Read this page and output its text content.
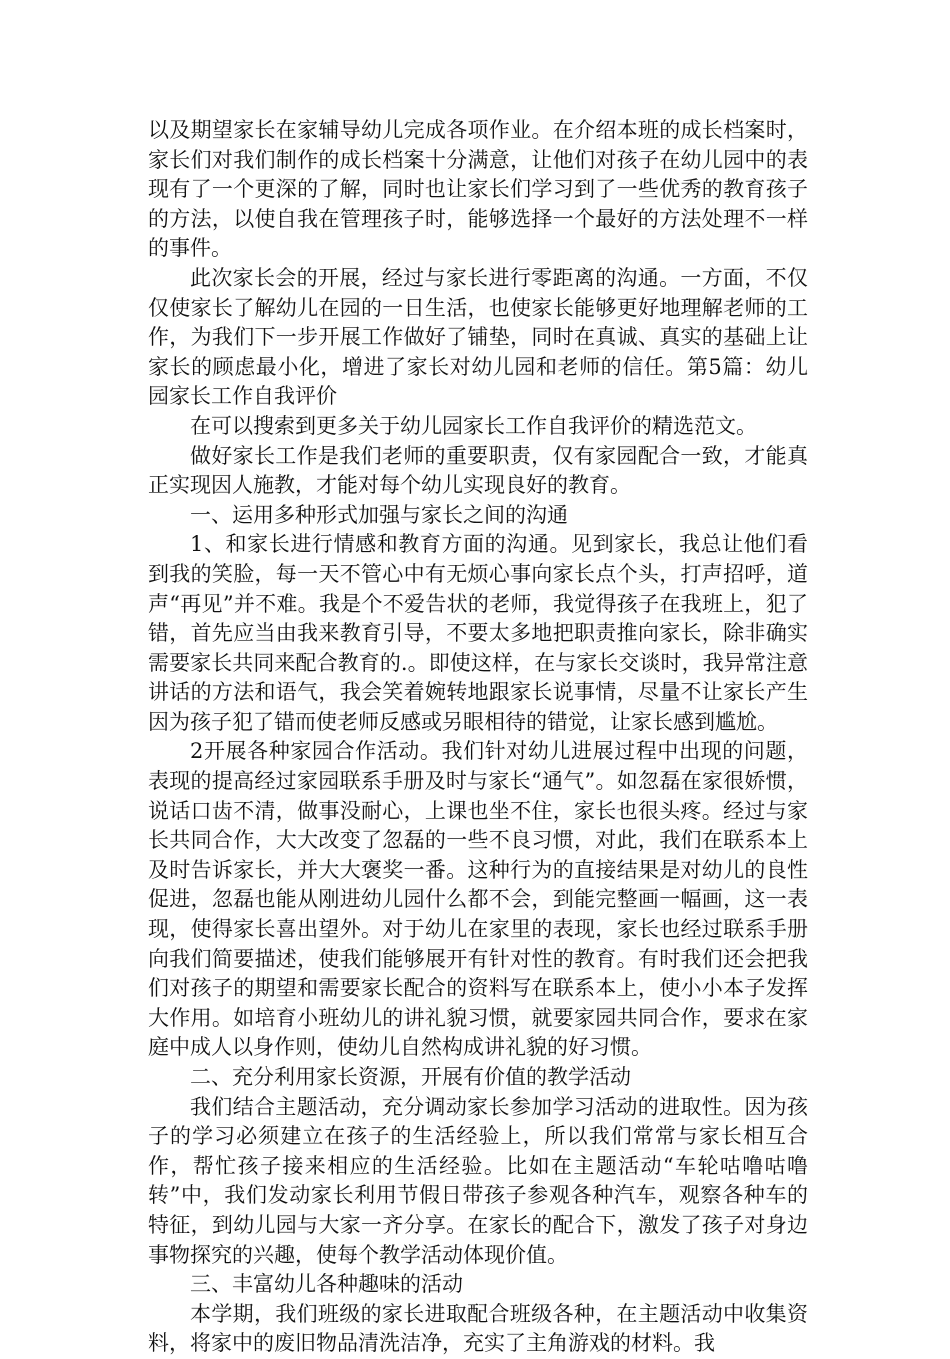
以及期望家长在家辅导幼儿完成各项作业。在介绍本班的成长档案时，家长们对我们制作的成长档案十分满意，让他们对孩子在幼儿园中的表现有了一个更深的了解，同时也让家长们学习到了一些优秀的教育孩子的方法，以使自我在管理孩子时，能够选择一个最好的方法处理不一样的事件。

此次家长会的开展，经过与家长进行零距离的沟通。一方面，不仅仅使家长了解幼儿在园的一日生活，也使家长能够更好地理解老师的工作，为我们下一步开展工作做好了铺垫，同时在真诚、真实的基础上让家长的顾虑最小化，增进了家长对幼儿园和老师的信任。第5篇：幼儿园家长工作自我评价

在可以搜索到更多关于幼儿园家长工作自我评价的精选范文。

做好家长工作是我们老师的重要职责，仅有家园配合一致，才能真正实现因人施教，才能对每个幼儿实现良好的教育。

一、运用多种形式加强与家长之间的沟通

1、和家长进行情感和教育方面的沟通。见到家长，我总让他们看到我的笑脸，每一天不管心中有无烦心事向家长点个头，打声招呼，道声“再见”并不难。我是个不爱告状的老师，我觉得孩子在我班上，犯了错，首先应当由我来教育引导，不要太多地把职责推向家长，除非确实需要家长共同来配合教育的.。即使这样，在与家长交谈时，我异常注意讲话的方法和语气，我会笑着婉转地跟家长说事情，尽量不让家长产生因为孩子犯了错而使老师反感或另眼相待的错觉，让家长感到尴尬。

2开展各种家园合作活动。我们针对幼儿进展过程中出现的问题，表现的提高经过家园联系手册及时与家长“通气”。如忽磊在家很娇惯，说话口齿不清，做事没耐心，上课也坐不住，家长也很头疼。经过与家长共同合作，大大改变了忽磊的一些不良习惯，对此，我们在联系本上及时告诉家长，并大大褒奖一番。这种行为的直接结果是对幼儿的良性促进，忽磊也能从刚进幼儿园什么都不会，到能完整画一幅画，这一表现，使得家长喜出望外。对于幼儿在家里的表现，家长也经过联系手册向我们简要描述，使我们能够展开有针对性的教育。有时我们还会把我们对孩子的期望和需要家长配合的资料写在联系本上，使小小本子发挥大作用。如培育小班幼儿的讲礼貌习惯，就要家园共同合作，要求在家庭中成人以身作则，使幼儿自然构成讲礼貌的好习惯。

二、充分利用家长资源，开展有价值的教学活动

我们结合主题活动，充分调动家长参加学习活动的进取性。因为孩子的学习必须建立在孩子的生活经验上，所以我们常常与家长相互合作，帮忙孩子接来相应的生活经验。比如在主题活动“车轮咕噜咕噜转”中，我们发动家长利用节假日带孩子参观各种汽车，观察各种车的特征，到幼儿园与大家一齐分享。在家长的配合下，激发了孩子对身边事物探究的兴趣，使每个教学活动体现价值。

三、丰富幼儿各种趣味的活动

本学期，我们班级的家长进取配合班级各种，在主题活动中收集资料，将家中的废旧物品清洗洁净，充实了主角游戏的材料。我
